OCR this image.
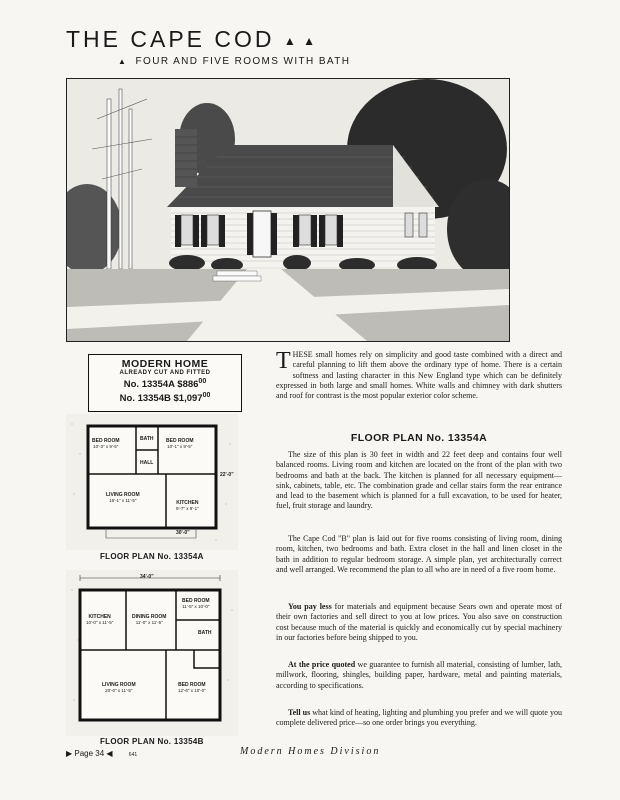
THE CAPE COD ▲ ▲
▲ FOUR AND FIVE ROOMS WITH BATH
MODERN HOME
ALREADY CUT AND FITTED
No. 13354A $\$886^{00}$
No. 13354B $1,097$^{00}$
BED ROOM
10'-3" x 9'-5"
BED ROOM
10'-1" x 9'-5"
BATH
HALL
LIVING ROOM
16'-1" x 11'-5"	KITCHEN
9'-7" x 9'-1"
30'-0"
22'-0"
FLOOR PLAN No. 13354A
34'-0"
BED ROOM
11'-5" x 10'-0"
KITCHEN
10'-0" x 11'-5"
DINING ROOM
11'-0" x 11'-5"
BATH
LIVING ROOM
20'-0" x 11'-5"
BED ROOM
12'-6" x 10'-0"
FLOOR PLAN No. 13354B
THESE small homes rely on simplicity and good taste combined with a direct and careful planning to lift them above the ordinary type of home. There is a certain softness and lasting character in this New England type which can be definitely expressed in both large and small homes. White walls and chimney with dark shutters and roof for contrast is the most popular exterior color scheme.
FLOOR PLAN No. 13354A

The size of this plan is 30 feet in width and 22 feet deep and contains four well balanced rooms. Living room and kitchen are located on the front of the plan with two bedrooms and bath at the back. The kitchen is planned for all necessary equipment—sink, cabinets, table, etc. The combination grade and cellar stairs form the rear entrance and lead to the basement which is planned for a full excavation, to be used for heater, fuel, fruit storage and laundry.

The Cape Cod "B" plan is laid out for five rooms consisting of living room, dining room, kitchen, two bedrooms and bath. Extra closet in the hall and linen closet in the bath in addition to regular bedroom storage. A simple plan, yet architecturally correct and well arranged. We recommend the plan to all who are in need of a five room home.

You pay less for materials and equipment because Sears own and operate most of their own factories and sell direct to you at low prices. You also save on construction cost because much of the material is quickly and economically cut by special machinery in our factories before being shipped to you.

At the price quoted we guarantee to furnish all material, consisting of lumber, lath, millwork, flooring, shingles, building paper, hardware, metal and painting materials, according to specifications.

Tell us what kind of heating, lighting and plumbing you prefer and we will quote you complete delivered price—so one order brings you everything.

▶ Page 34 ◀	641	Modern Homes Division
